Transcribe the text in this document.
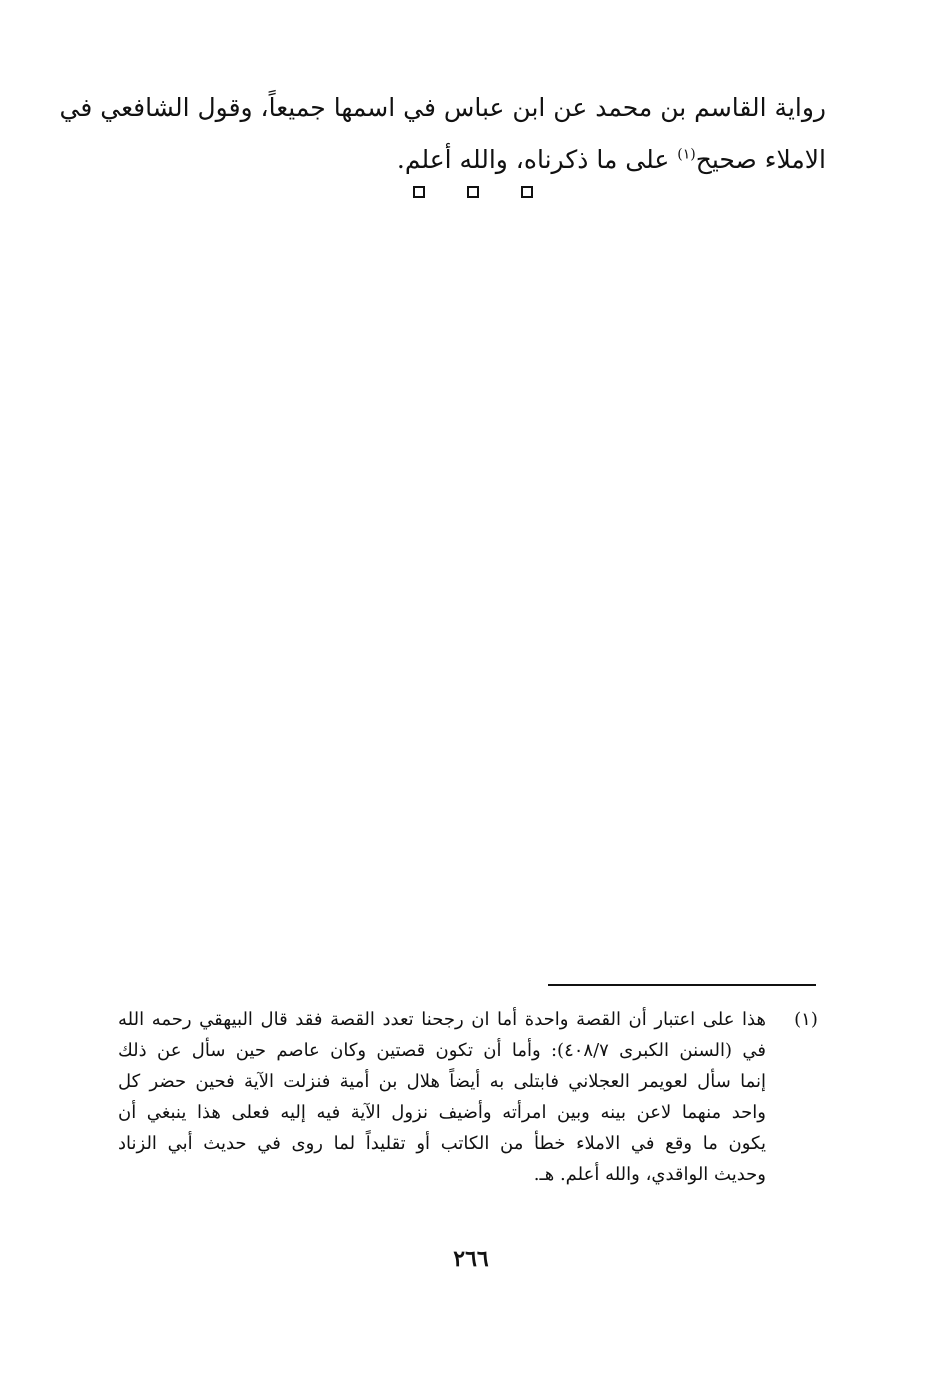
رواية القاسم بن محمد عن ابن عباس في اسمها جميعاً، وقول الشافعي في
الاملاء صحيح$^{(١)}$ على ما ذكرناه، والله أعلم.
(١)
هذا على اعتبار أن القصة واحدة أما ان رجحنا تعدد القصة فقد قال البيهقي رحمه الله
في (السنن الكبرى ٤٠٨/٧): وأما أن تكون قصتين وكان عاصم حين سأل عن ذلك
إنما سأل لعويمر العجلاني فابتلى به أيضاً هلال بن أمية فنزلت الآية فحين حضر كل
واحد منهما لاعن بينه وبين امرأته وأضيف نزول الآية فيه إليه فعلى هذا ينبغي أن
يكون ما وقع في الاملاء خطأ من الكاتب أو تقليداً لما روى في حديث أبي الزناد
وحديث الواقدي، والله أعلم. هـ.
٢٦٦
